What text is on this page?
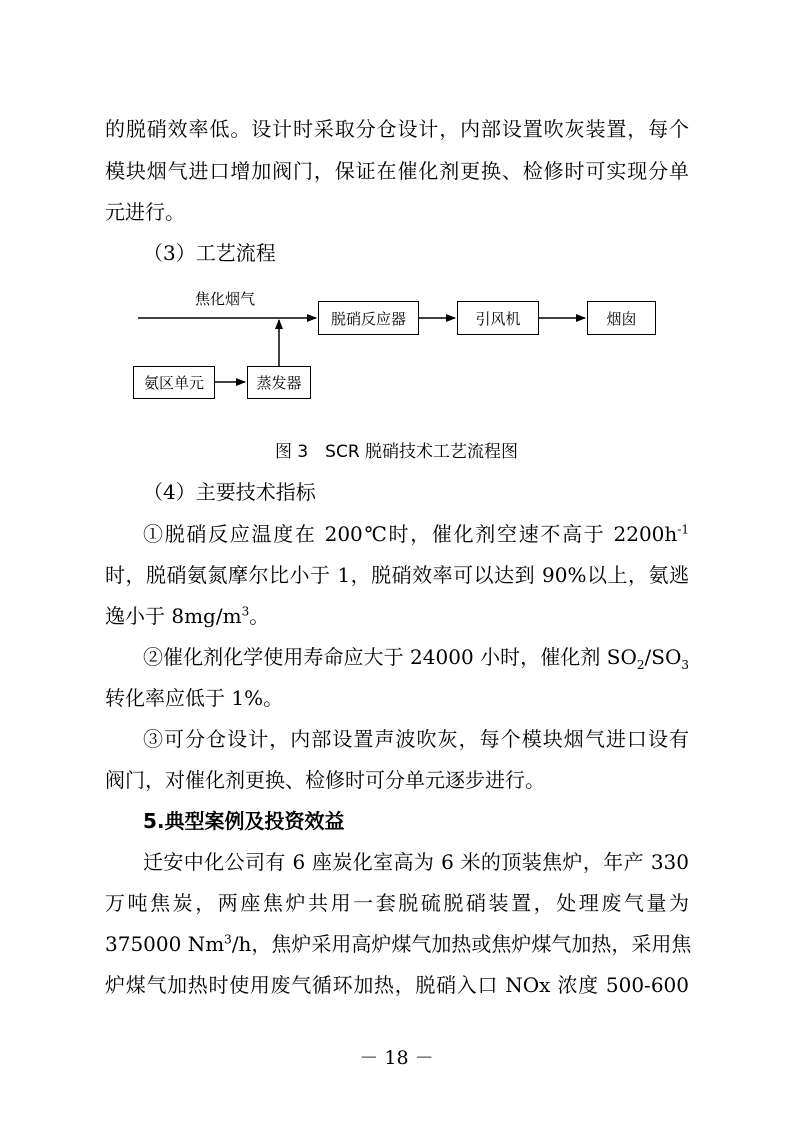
的脱硝效率低。设计时采取分仓设计，内部设置吹灰装置，每个
模块烟气进口增加阀门，保证在催化剂更换、检修时可实现分单
元进行。
（3）工艺流程
焦化烟气
脱硝反应器	引风机	烟囱
氨区单元	蒸发器
图 3　SCR 脱硝技术工艺流程图
（4）主要技术指标
①脱硝反应温度在 200℃时，催化剂空速不高于 $2200h^{-1}$
时，脱硝氨氮摩尔比小于 1，脱硝效率可以达到 90%以上，氨逃
逸小于 $8mg/m^3$。
②催化剂化学使用寿命应大于 24000 小时，催化剂 $SO_2/SO_3$
转化率应低于 1%。
③可分仓设计，内部设置声波吹灰，每个模块烟气进口设有
阀门，对催化剂更换、检修时可分单元逐步进行。
5.典型案例及投资效益
迁安中化公司有 6 座炭化室高为 6 米的顶装焦炉，年产 330
万吨焦炭，两座焦炉共用一套脱硫脱硝装置，处理废气量为
375000 Nm$^3$/h，焦炉采用高炉煤气加热或焦炉煤气加热，采用焦
炉煤气加热时使用废气循环加热，脱硝入口 NOx 浓度 500-600
－ 18 －
